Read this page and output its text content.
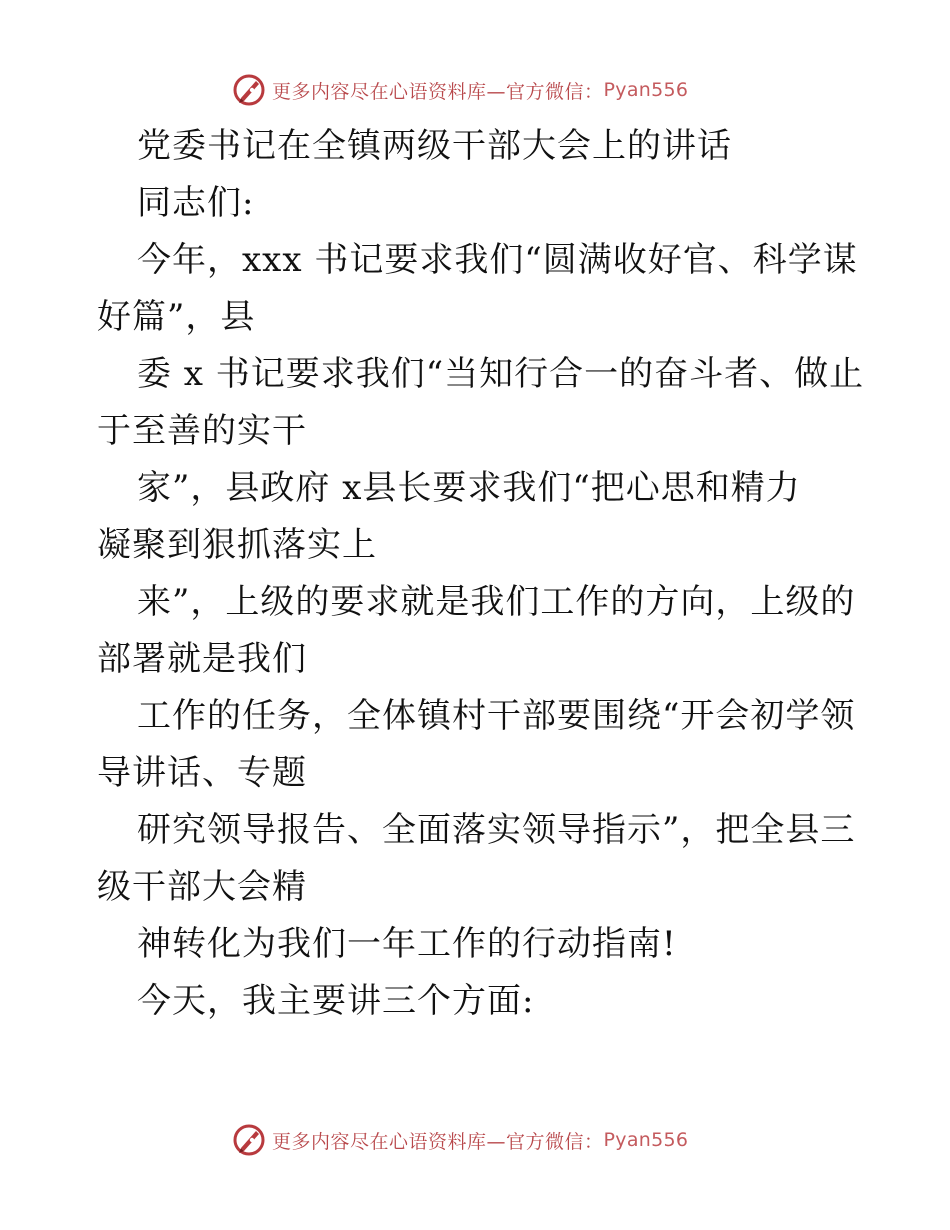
更多内容尽在心语资料库—官方微信： Pyan556
党委书记在全镇两级干部大会上的讲话
同志们:
今年，xxx 书记要求我们“圆满收好官、科学谋
好篇”，县
委 x 书记要求我们“当知行合一的奋斗者、做止
于至善的实干
家”，县政府 x县长要求我们“把心思和精力
凝聚到狠抓落实上
来”，上级的要求就是我们工作的方向，上级的
部署就是我们
工作的任务，全体镇村干部要围绕“开会初学领
导讲话、专题
研究领导报告、全面落实领导指示”，把全县三
级干部大会精
神转化为我们一年工作的行动指南!
今天，我主要讲三个方面:
更多内容尽在心语资料库—官方微信： Pyan556
